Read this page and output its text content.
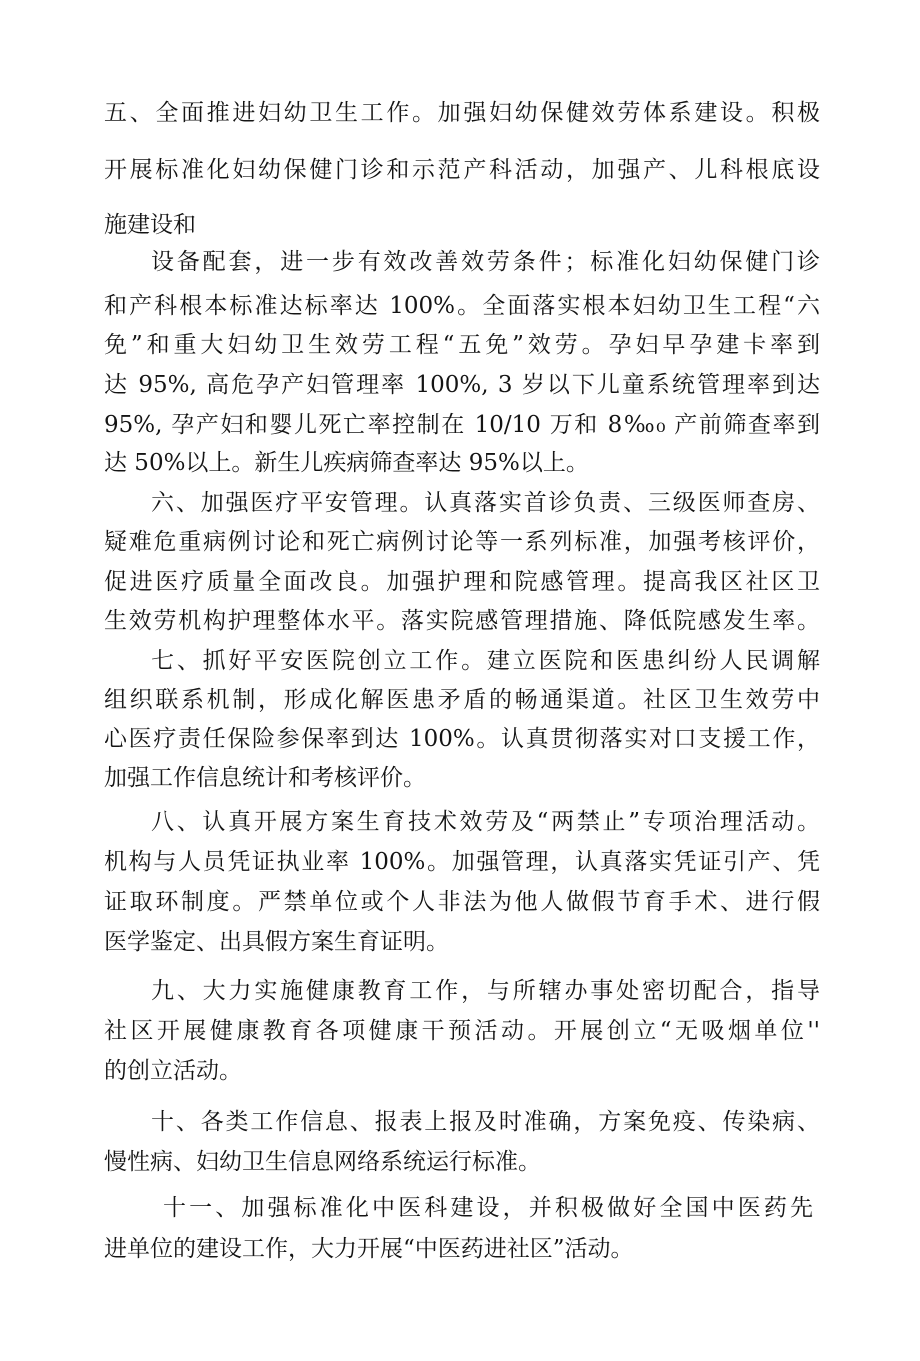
五、全面推进妇幼卫生工作。加强妇幼保健效劳体系建设。积极

开展标准化妇幼保健门诊和示范产科活动，加强产、儿科根底设

施建设和

设备配套，进一步有效改善效劳条件；标准化妇幼保健门诊

和产科根本标准达标率达 100%。全面落实根本妇幼卫生工程“六

免”和重大妇幼卫生效劳工程“五免”效劳。孕妇早孕建卡率到

达 95%, 高危孕产妇管理率 100%, 3 岁以下儿童系统管理率到达

95%, 孕产妇和婴儿死亡率控制在 10/10 万和 8‰₀ 产前筛查率到

达 50%以上。新生儿疾病筛查率达 95%以上。

六、加强医疗平安管理。认真落实首诊负责、三级医师查房、

疑难危重病例讨论和死亡病例讨论等一系列标准，加强考核评价，

促进医疗质量全面改良。加强护理和院感管理。提高我区社区卫

生效劳机构护理整体水平。落实院感管理措施、降低院感发生率。

七、抓好平安医院创立工作。建立医院和医患纠纷人民调解

组织联系机制，形成化解医患矛盾的畅通渠道。社区卫生效劳中

心医疗责任保险参保率到达 100%。认真贯彻落实对口支援工作，

加强工作信息统计和考核评价。

八、认真开展方案生育技术效劳及“两禁止”专项治理活动。

机构与人员凭证执业率 100%。加强管理，认真落实凭证引产、凭

证取环制度。严禁单位或个人非法为他人做假节育手术、进行假

医学鉴定、出具假方案生育证明。

九、大力实施健康教育工作，与所辖办事处密切配合，指导

社区开展健康教育各项健康干预活动。开展创立“无吸烟单位''

的创立活动。

十、各类工作信息、报表上报及时准确，方案免疫、传染病、

慢性病、妇幼卫生信息网络系统运行标准。

十一、加强标准化中医科建设，并积极做好全国中医药先

进单位的建设工作，大力开展“中医药进社区”活动。
